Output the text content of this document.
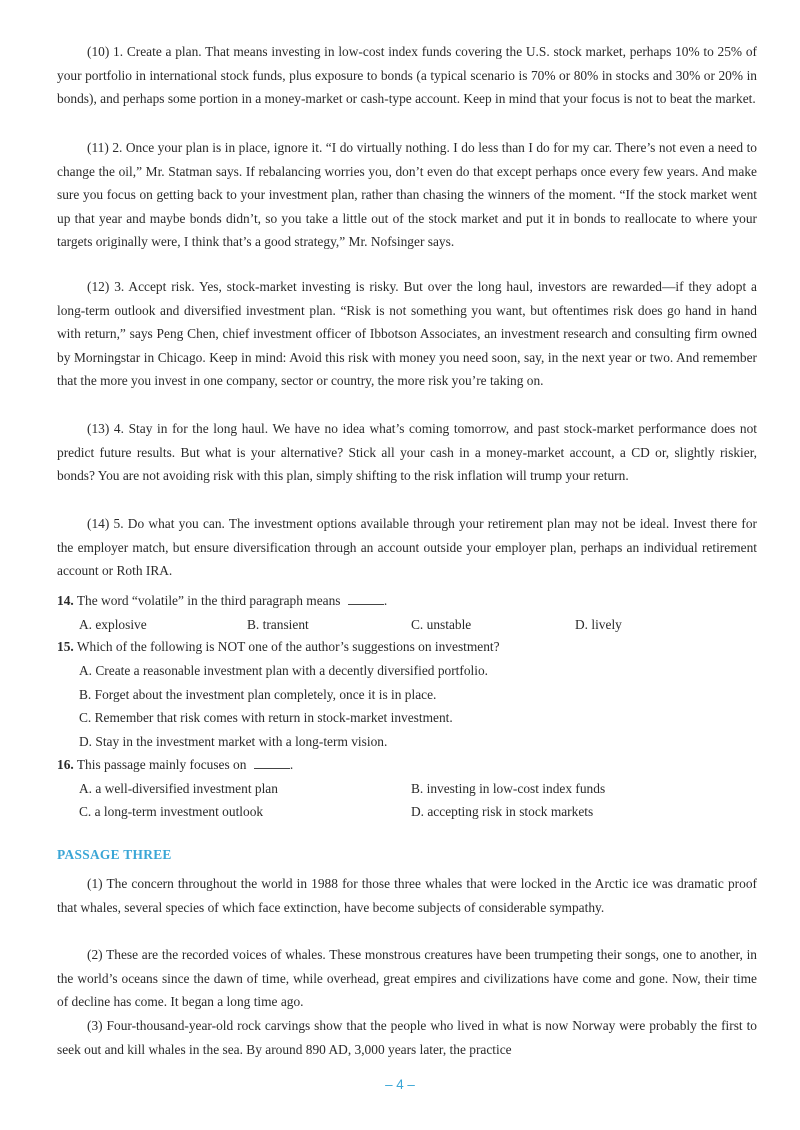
(10) 1. Create a plan. That means investing in low-cost index funds covering the U.S. stock market, perhaps 10% to 25% of your portfolio in international stock funds, plus exposure to bonds (a typical scenario is 70% or 80% in stocks and 30% or 20% in bonds), and perhaps some portion in a money-market or cash-type account. Keep in mind that your focus is not to beat the market.

(11) 2. Once your plan is in place, ignore it. “I do virtually nothing. I do less than I do for my car. There’s not even a need to change the oil,” Mr. Statman says. If rebalancing worries you, don’t even do that except perhaps once every few years. And make sure you focus on getting back to your investment plan, rather than chasing the winners of the moment. “If the stock market went up that year and maybe bonds didn’t, so you take a little out of the stock market and put it in bonds to reallocate to where your targets originally were, I think that’s a good strategy,” Mr. Nofsinger says.

(12) 3. Accept risk. Yes, stock-market investing is risky. But over the long haul, investors are rewarded—if they adopt a long-term outlook and diversified investment plan. “Risk is not something you want, but oftentimes risk does go hand in hand with return,” says Peng Chen, chief investment officer of Ibbotson Associates, an investment research and consulting firm owned by Morningstar in Chicago. Keep in mind: Avoid this risk with money you need soon, say, in the next year or two. And remember that the more you invest in one company, sector or country, the more risk you’re taking on.

(13) 4. Stay in for the long haul. We have no idea what’s coming tomorrow, and past stock-market performance does not predict future results. But what is your alternative? Stick all your cash in a money-market account, a CD or, slightly riskier, bonds? You are not avoiding risk with this plan, simply shifting to the risk inflation will trump your return.

(14) 5. Do what you can. The investment options available through your retirement plan may not be ideal. Invest there for the employer match, but ensure diversification through an account outside your employer plan, perhaps an individual retirement account or Roth IRA.

14. The word “volatile” in the third paragraph means	.
A. explosive	B. transient	C. unstable	D. lively
15. Which of the following is NOT one of the author’s suggestions on investment?
A. Create a reasonable investment plan with a decently diversified portfolio.
B. Forget about the investment plan completely, once it is in place.
C. Remember that risk comes with return in stock-market investment.
D. Stay in the investment market with a long-term vision.
16. This passage mainly focuses on	.
A. a well-diversified investment plan	B. investing in low-cost index funds
C. a long-term investment outlook	D. accepting risk in stock markets
PASSAGE THREE

(1) The concern throughout the world in 1988 for those three whales that were locked in the Arctic ice was dramatic proof that whales, several species of which face extinction, have become subjects of considerable sympathy.

(2) These are the recorded voices of whales. These monstrous creatures have been trumpeting their songs, one to another, in the world’s oceans since the dawn of time, while overhead, great empires and civilizations have come and gone. Now, their time of decline has come. It began a long time ago.

(3) Four-thousand-year-old rock carvings show that the people who lived in what is now Norway were probably the first to seek out and kill whales in the sea. By around 890 AD, 3,000 years later, the practice

– 4 –
